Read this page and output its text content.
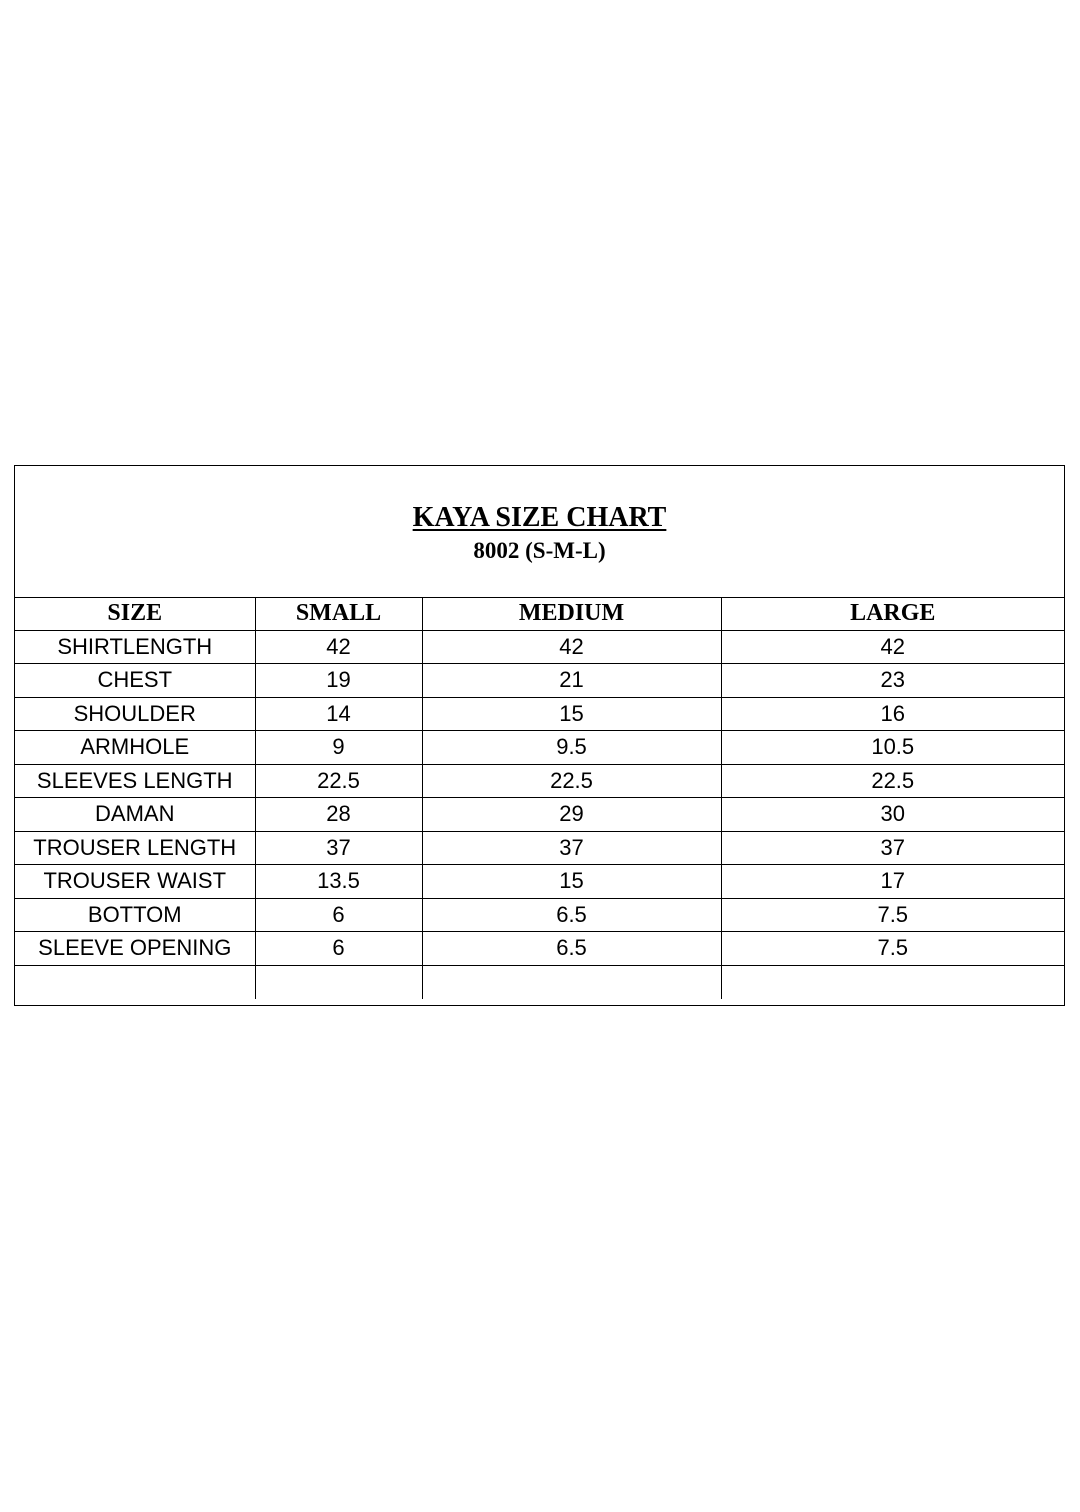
KAYA SIZE CHART
8002 (S-M-L)
SIZE	SMALL	MEDIUM	LARGE
SHIRTLENGTH	42	42	42
CHEST	19	21	23
SHOULDER	14	15	16
ARMHOLE	9	9.5	10.5
SLEEVES LENGTH	22.5	22.5	22.5
DAMAN	28	29	30
TROUSER LENGTH	37	37	37
TROUSER WAIST	13.5	15	17
BOTTOM	6	6.5	7.5
SLEEVE OPENING	6	6.5	7.5
